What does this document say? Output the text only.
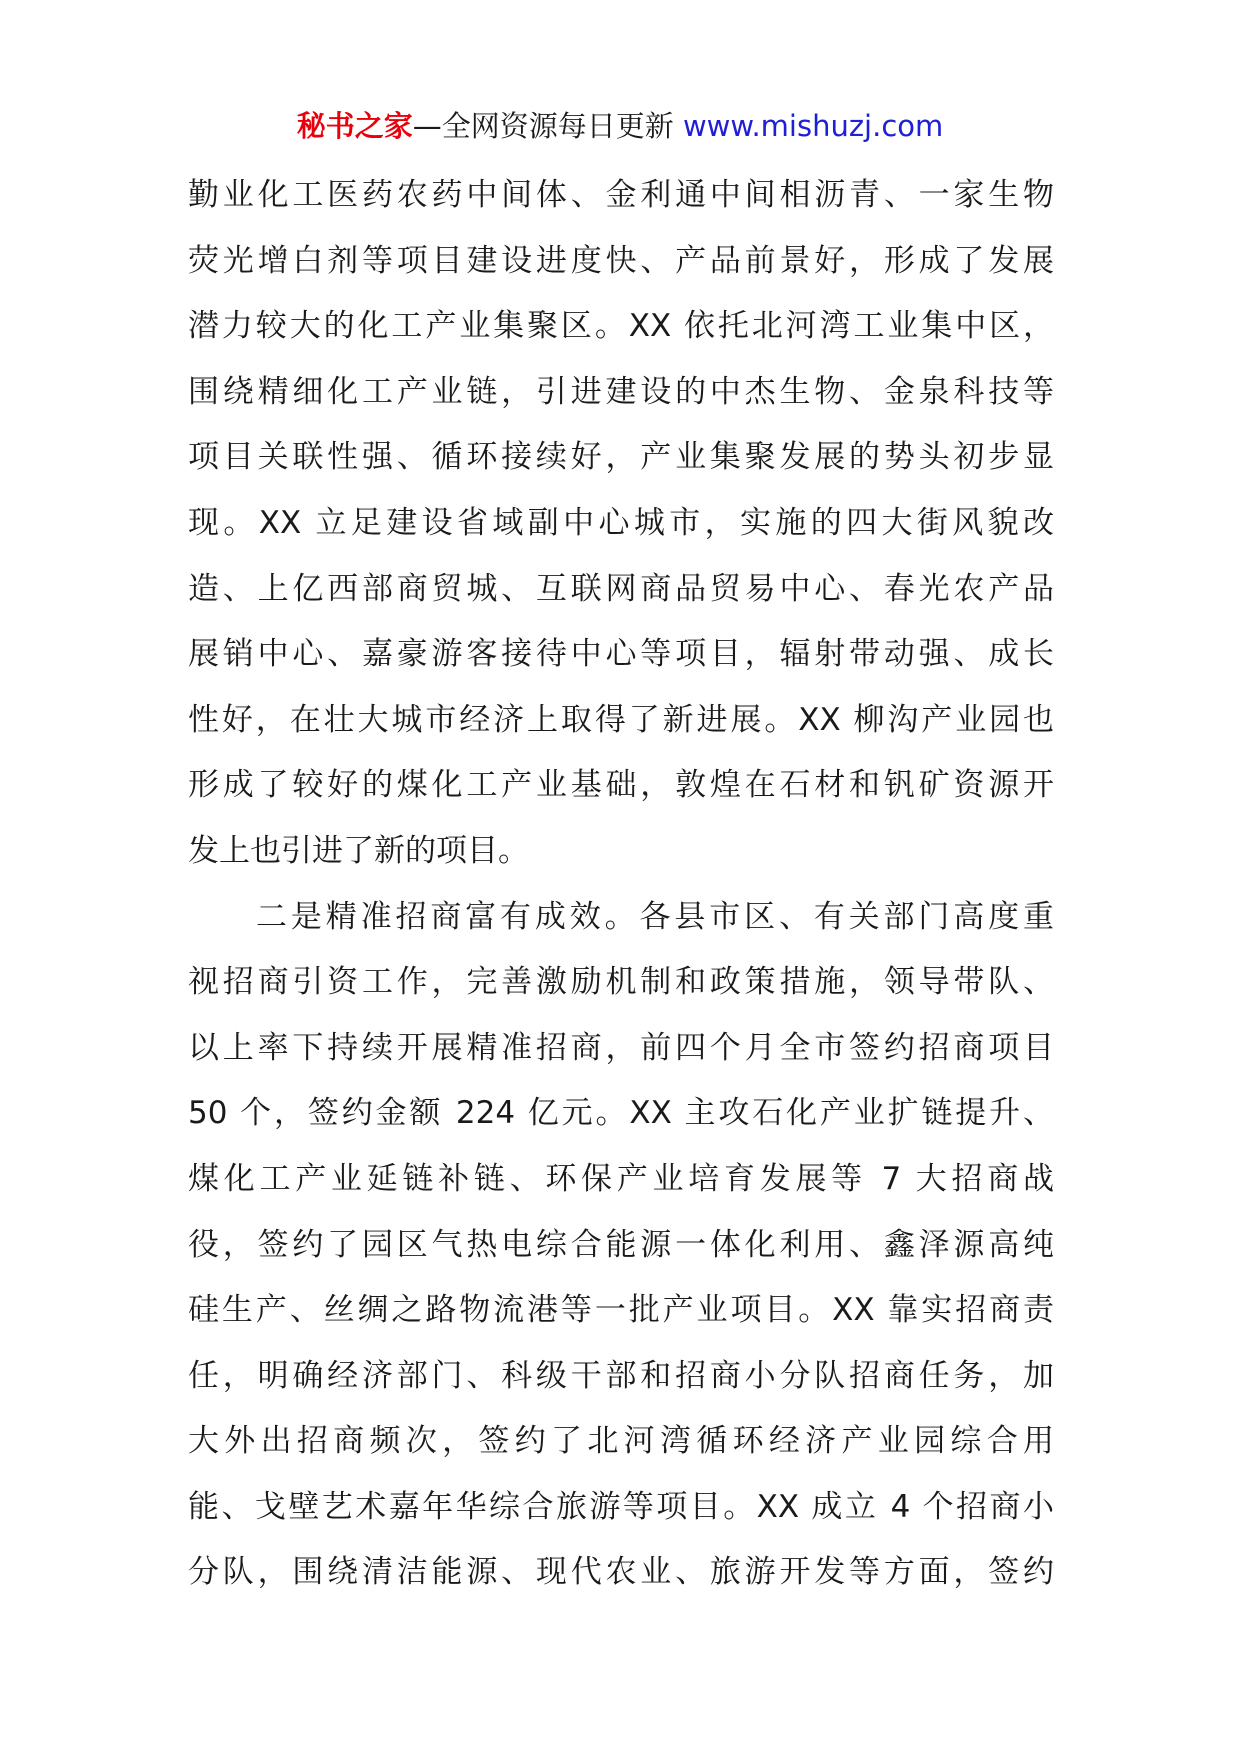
秘书之家—全网资源每日更新 www.mishuzj.com
勤业化工医药农药中间体、金利通中间相沥青、一家生物
荧光增白剂等项目建设进度快、产品前景好，形成了发展
潜力较大的化工产业集聚区。XX 依托北河湾工业集中区，
围绕精细化工产业链，引进建设的中杰生物、金泉科技等
项目关联性强、循环接续好，产业集聚发展的势头初步显
现。XX 立足建设省域副中心城市，实施的四大街风貌改
造、上亿西部商贸城、互联网商品贸易中心、春光农产品
展销中心、嘉豪游客接待中心等项目，辐射带动强、成长
性好，在壮大城市经济上取得了新进展。XX 柳沟产业园也
形成了较好的煤化工产业基础，敦煌在石材和钒矿资源开
发上也引进了新的项目。
二是精准招商富有成效。各县市区、有关部门高度重
视招商引资工作，完善激励机制和政策措施，领导带队、
以上率下持续开展精准招商，前四个月全市签约招商项目
50 个，签约金额 224 亿元。XX 主攻石化产业扩链提升、
煤化工产业延链补链、环保产业培育发展等 7 大招商战
役，签约了园区气热电综合能源一体化利用、鑫泽源高纯
硅生产、丝绸之路物流港等一批产业项目。XX 靠实招商责
任，明确经济部门、科级干部和招商小分队招商任务，加
大外出招商频次，签约了北河湾循环经济产业园综合用
能、戈壁艺术嘉年华综合旅游等项目。XX 成立 4 个招商小
分队，围绕清洁能源、现代农业、旅游开发等方面，签约
